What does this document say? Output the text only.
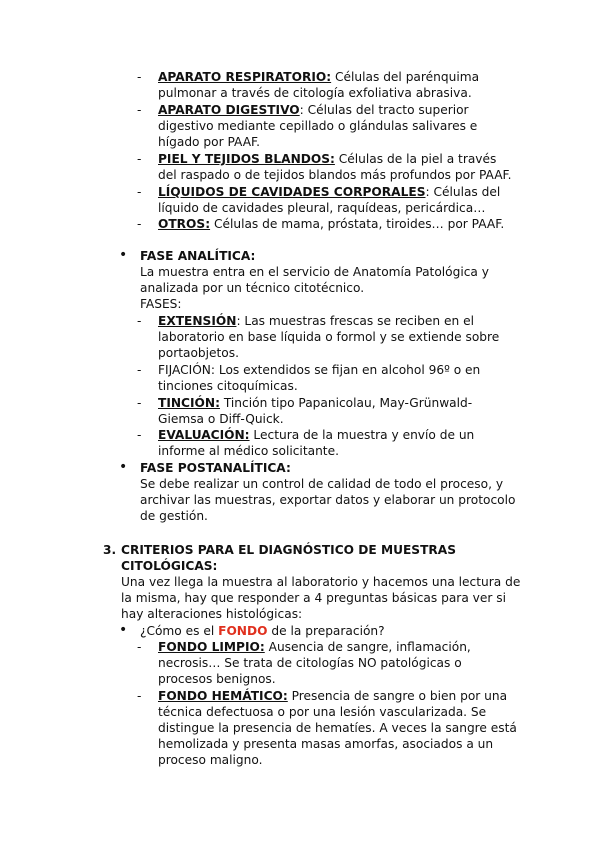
-	APARATO RESPIRATORIO: Células del parénquima pulmonar a través de citología exfoliativa abrasiva.

-	APARATO DIGESTIVO: Células del tracto superior digestivo mediante cepillado o glándulas salivares e hígado por PAAF.

-	PIEL Y TEJIDOS BLANDOS: Células de la piel a través del raspado o de tejidos blandos más profundos por PAAF.

-	LÍQUIDOS DE CAVIDADES CORPORALES: Células del líquido de cavidades pleural, raquídeas, pericárdica…

-	OTROS: Células de mama, próstata, tiroides… por PAAF.

• FASE ANALÍTICA:

La muestra entra en el servicio de Anatomía Patológica y analizada por un técnico citotécnico.

FASES:

-	EXTENSIÓN: Las muestras frescas se reciben en el laboratorio en base líquida o formol y se extiende sobre portaobjetos.

-	FIJACIÓN: Los extendidos se fijan en alcohol 96º o en tinciones citoquímicas.

-	TINCIÓN: Tinción tipo Papanicolau, May-Grünwald-Giemsa o Diff-Quick.

-	EVALUACIÓN: Lectura de la muestra y envío de un informe al médico solicitante.

• FASE POSTANALÍTICA:

Se debe realizar un control de calidad de todo el proceso, y archivar las muestras, exportar datos y elaborar un protocolo de gestión.

3. CRITERIOS PARA EL DIAGNÓSTICO DE MUESTRAS CITOLÓGICAS:

Una vez llega la muestra al laboratorio y hacemos una lectura de la misma, hay que responder a 4 preguntas básicas para ver si hay alteraciones histológicas:

• ¿Cómo es el FONDO de la preparación?

-	FONDO LIMPIO: Ausencia de sangre, inflamación, necrosis… Se trata de citologías NO patológicas o procesos benignos.

-	FONDO HEMÁTICO: Presencia de sangre o bien por una técnica defectuosa o por una lesión vascularizada. Se distingue la presencia de hematíes. A veces la sangre está hemolizada y presenta masas amorfas, asociados a un proceso maligno.
